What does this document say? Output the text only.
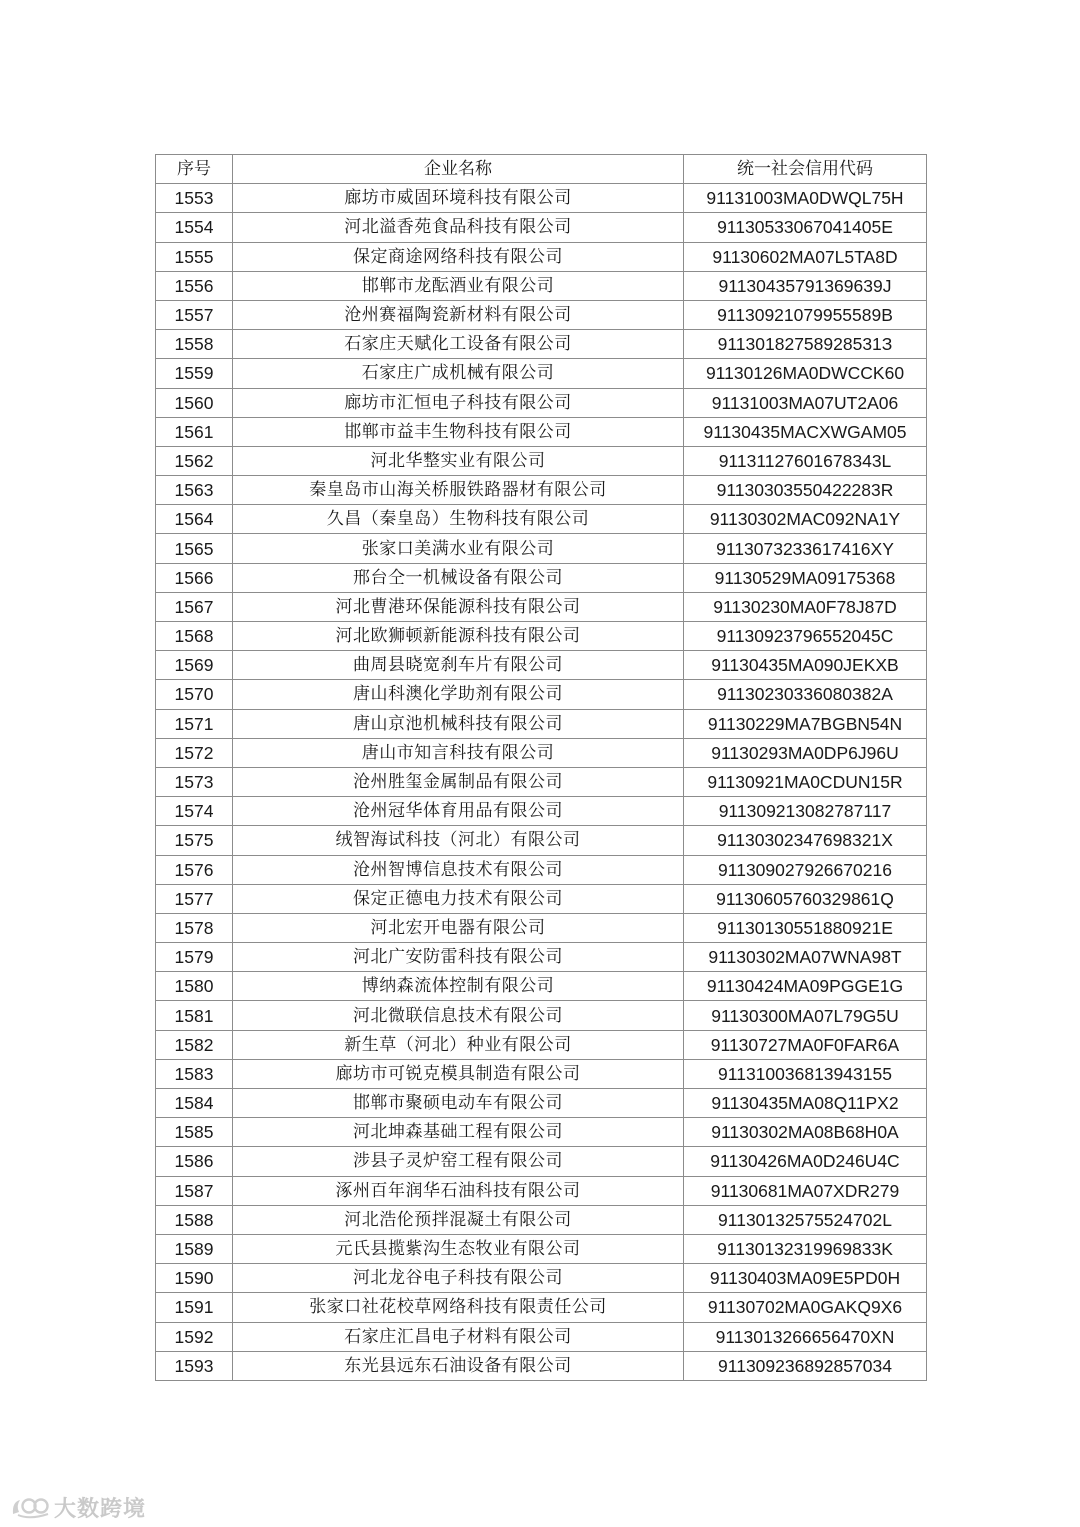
序号	企业名称	统一社会信用代码
1553	廊坊市威固环境科技有限公司	91131003MA0DWQL75H
1554	河北溢香苑食品科技有限公司	91130533067041405E
1555	保定商途网络科技有限公司	91130602MA07L5TA8D
1556	邯郸市龙酝酒业有限公司	91130435791369639J
1557	沧州赛福陶瓷新材料有限公司	91130921079955589B
1558	石家庄天赋化工设备有限公司	91130182758928531З
1559	石家庄广成机械有限公司	91130126MA0DWCCK60
1560	廊坊市汇恒电子科技有限公司	91131003MA07UT2A06
1561	邯郸市益丰生物科技有限公司	91130435MACXWGAM05
1562	河北华整实业有限公司	91131127601678343L
1563	秦皇岛市山海关桥服铁路器材有限公司	91130303550422283R
1564	久昌（秦皇岛）生物科技有限公司	91130302MAC092NA1Y
1565	张家口美满水业有限公司	9113073233617416XY
1566	邢台仝一机械设备有限公司	91130529MA09175368
1567	河北曹港环保能源科技有限公司	91130230MA0F78J87D
1568	河北欧狮顿新能源科技有限公司	91130923796552045C
1569	曲周县晓宽刹车片有限公司	91130435MA090JEKXB
1570	唐山科澳化学助剂有限公司	91130230336080382A
1571	唐山京池机械科技有限公司	91130229MA7BGBN54N
1572	唐山市知言科技有限公司	91130293MA0DP6J96U
1573	沧州胜玺金属制品有限公司	91130921MA0CDUN15R
1574	沧州冠华体育用品有限公司	91130921308278711​7
1575	绒智海试科技（河北）有限公司	91130302347698321X
1576	沧州智博信息技术有限公司	91130902792667021​6
1577	保定正德电力技术有限公司	91130605760329861Q
1578	河北宏开电器有限公司	91130130551880921E
1579	河北广安防雷科技有限公司	91130302MA07WNA98T
1580	博纳森流体控制有限公司	91130424MA09PGGE1G
1581	河北微联信息技术有限公司	91130300MA07L79G5U
1582	新生草（河北）种业有限公司	91130727MA0F0FAR6A
1583	廊坊市可锐克模具制造有限公司	91131003681394315​5
1584	邯郸市聚硕电动车有限公司	91130435MA08Q11PX2
1585	河北坤森基础工程有限公司	91130302MA08B68H0A
1586	涉县子灵炉窑工程有限公司	91130426MA0D246U4C
1587	涿州百年润华石油科技有限公司	91130681MA07XDR279
1588	河北浩伦预拌混凝土有限公司	91130132575524702L
1589	元氏县揽紫沟生态牧业有限公司	91130132319969833K
1590	河北龙谷电子科技有限公司	91130403MA09E5PD0H
1591	张家口社花校草网络科技有限责任公司	91130702MA0GAKQ9X6
1592	石家庄汇昌电子材料有限公司	911301326665647​0XN
1593	东光县远东石油设备有限公司	91130923689285703​4
大数跨境
